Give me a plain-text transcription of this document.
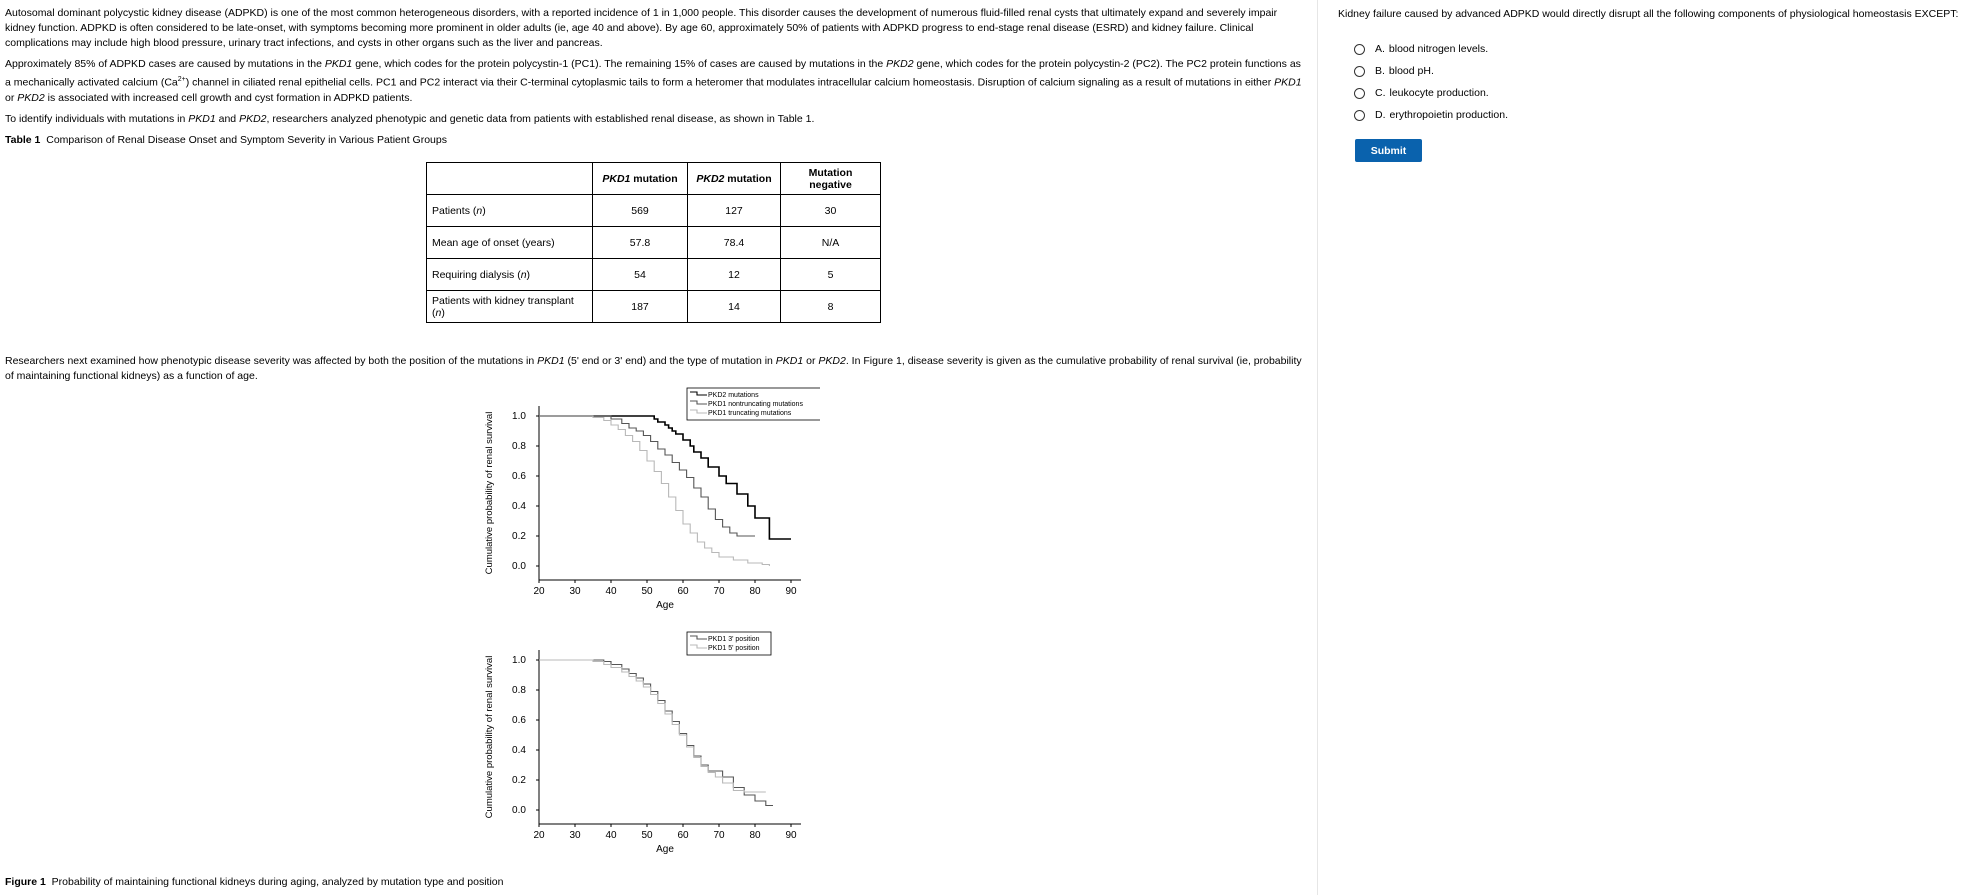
Autosomal dominant polycystic kidney disease (ADPKD) is one of the most common heterogeneous disorders, with a reported incidence of 1 in 1,000 people. This disorder causes the development of numerous fluid-filled renal cysts that ultimately expand and severely impair kidney function. ADPKD is often considered to be late-onset, with symptoms becoming more prominent in older adults (ie, age 40 and above). By age 60, approximately 50% of patients with ADPKD progress to end-stage renal disease (ESRD) and kidney failure. Clinical complications may include high blood pressure, urinary tract infections, and cysts in other organs such as the liver and pancreas.

Approximately 85% of ADPKD cases are caused by mutations in the PKD1 gene, which codes for the protein polycystin-1 (PC1). The remaining 15% of cases are caused by mutations in the PKD2 gene, which codes for the protein polycystin-2 (PC2). The PC2 protein functions as a mechanically activated calcium $(Ca^{2+})$ channel in ciliated renal epithelial cells. PC1 and PC2 interact via their C-terminal cytoplasmic tails to form a heteromer that modulates intracellular calcium homeostasis. Disruption of calcium signaling as a result of mutations in either PKD1 or PKD2 is associated with increased cell growth and cyst formation in ADPKD patients.

To identify individuals with mutations in PKD1 and PKD2, researchers analyzed phenotypic and genetic data from patients with established renal disease, as shown in Table 1.

Table 1  Comparison of Renal Disease Onset and Symptom Severity in Various Patient Groups

	PKD1 mutation	PKD2 mutation	Mutation negative
Patients (n)	569	127	30
Mean age of onset (years)	57.8	78.4	N/A
Requiring dialysis (n)	54	12	5
Patients with kidney transplant (n)	187	14	8

Researchers next examined how phenotypic disease severity was affected by both the position of the mutations in PKD1 (5' end or 3' end) and the type of mutation in PKD1 or PKD2. In Figure 1, disease severity is given as the cumulative probability of renal survival (ie, probability of maintaining functional kidneys) as a function of age.

0.0
0.2
0.4
0.6
0.8
1.0
20 30 40 50 60 70 80 90
Age
Cumulative probability of renal survival
PKD2 mutations
PKD1 nontruncating mutations
PKD1 truncating mutations
0.0
0.2
0.4
0.6
0.8
1.0
20 30 40 50 60 70 80 90
Age
Cumulative probability of renal survival
PKD1 3' position
PKD1 5' position
Figure 1  Probability of maintaining functional kidneys during aging, analyzed by mutation type and position
Kidney failure caused by advanced ADPKD would directly disrupt all the following components of physiological homeostasis EXCEPT:
A. blood nitrogen levels.
B. blood pH.
C. leukocyte production.
D. erythropoietin production.
Submit
